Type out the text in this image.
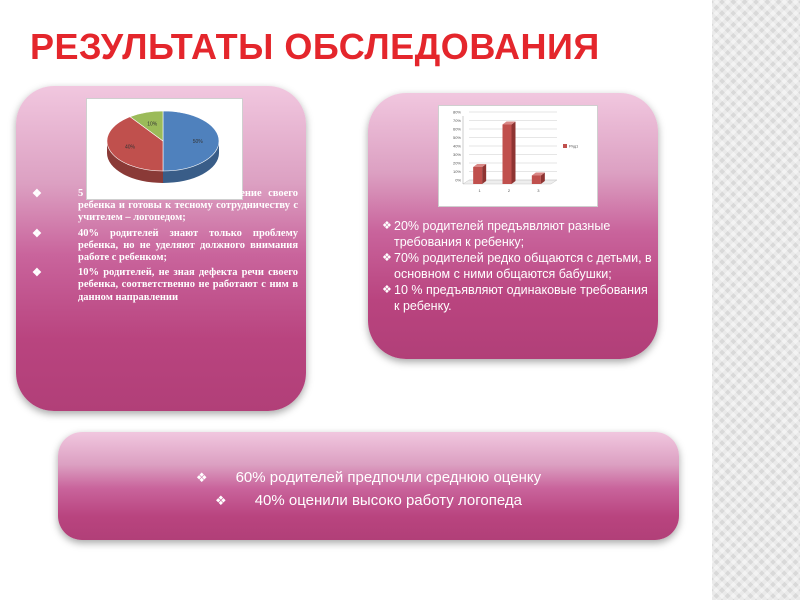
РЕЗУЛЬТАТЫ ОБСЛЕДОВАНИЯ
50%
40%
10%
❖	5 знают логопедическое заключение своего ребенка и готовы к тесному сотрудничеству с учителем – логопедом;
❖	40% родителей знают только проблему ребенка, но не уделяют должного внимания работе с ребенком;
❖	10% родителей, не зная дефекта речи своего ребенка, соответственно не работают с ним в данном направлении
0%
10%
20%
30%
40%
50%
60%
70%
80%
1	2	3
Ряд1
❖ 20% родителей предъявляют разные требования к ребенку;
❖ 70% родителей редко общаются с детьми, в основном с ними общаются бабушки;
❖ 10 % предъявляют одинаковые требования к ребенку.
❖ 60% родителей предпочли среднюю оценку
❖ 40% оценили высоко работу логопеда
